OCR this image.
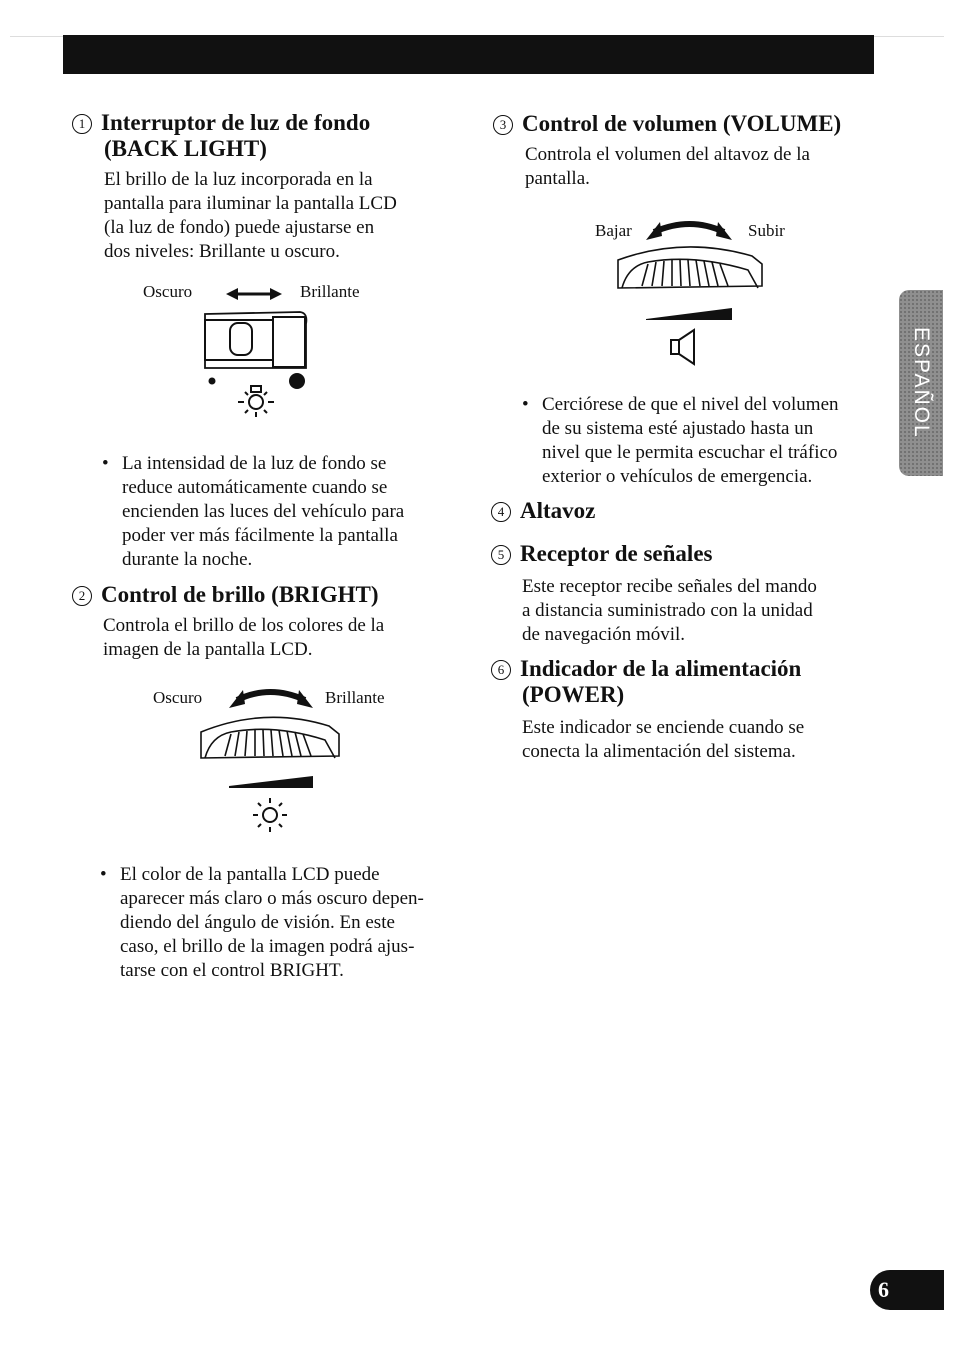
1 Interruptor de luz de fondo
(BACK LIGHT)
El brillo de la luz incorporada en la
pantalla para iluminar la pantalla LCD
(la luz de fondo) puede ajustarse en
dos niveles: Brillante u oscuro.
Oscuro	Brillante
• La intensidad de la luz de fondo se
reduce automáticamente cuando se
encienden las luces del vehículo para
poder ver más fácilmente la pantalla
durante la noche.
2 Control de brillo (BRIGHT)
Controla el brillo de los colores de la
imagen de la pantalla LCD.
Oscuro	Brillante
• El color de la pantalla LCD puede
aparecer más claro o más oscuro depen-
diendo del ángulo de visión. En este
caso, el brillo de la imagen podrá ajus-
tarse con el control BRIGHT.
3 Control de volumen (VOLUME)
Controla el volumen del altavoz de la
pantalla.
Bajar	Subir
• Cerciórese de que el nivel del volumen
de su sistema esté ajustado hasta un
nivel que le permita escuchar el tráfico
exterior o vehículos de emergencia.
4 Altavoz
5 Receptor de señales
Este receptor recibe señales del mando
a distancia suministrado con la unidad
de navegación móvil.
6 Indicador de la alimentación
(POWER)
Este indicador se enciende cuando se
conecta la alimentación del sistema.
ESPAÑOL
6
